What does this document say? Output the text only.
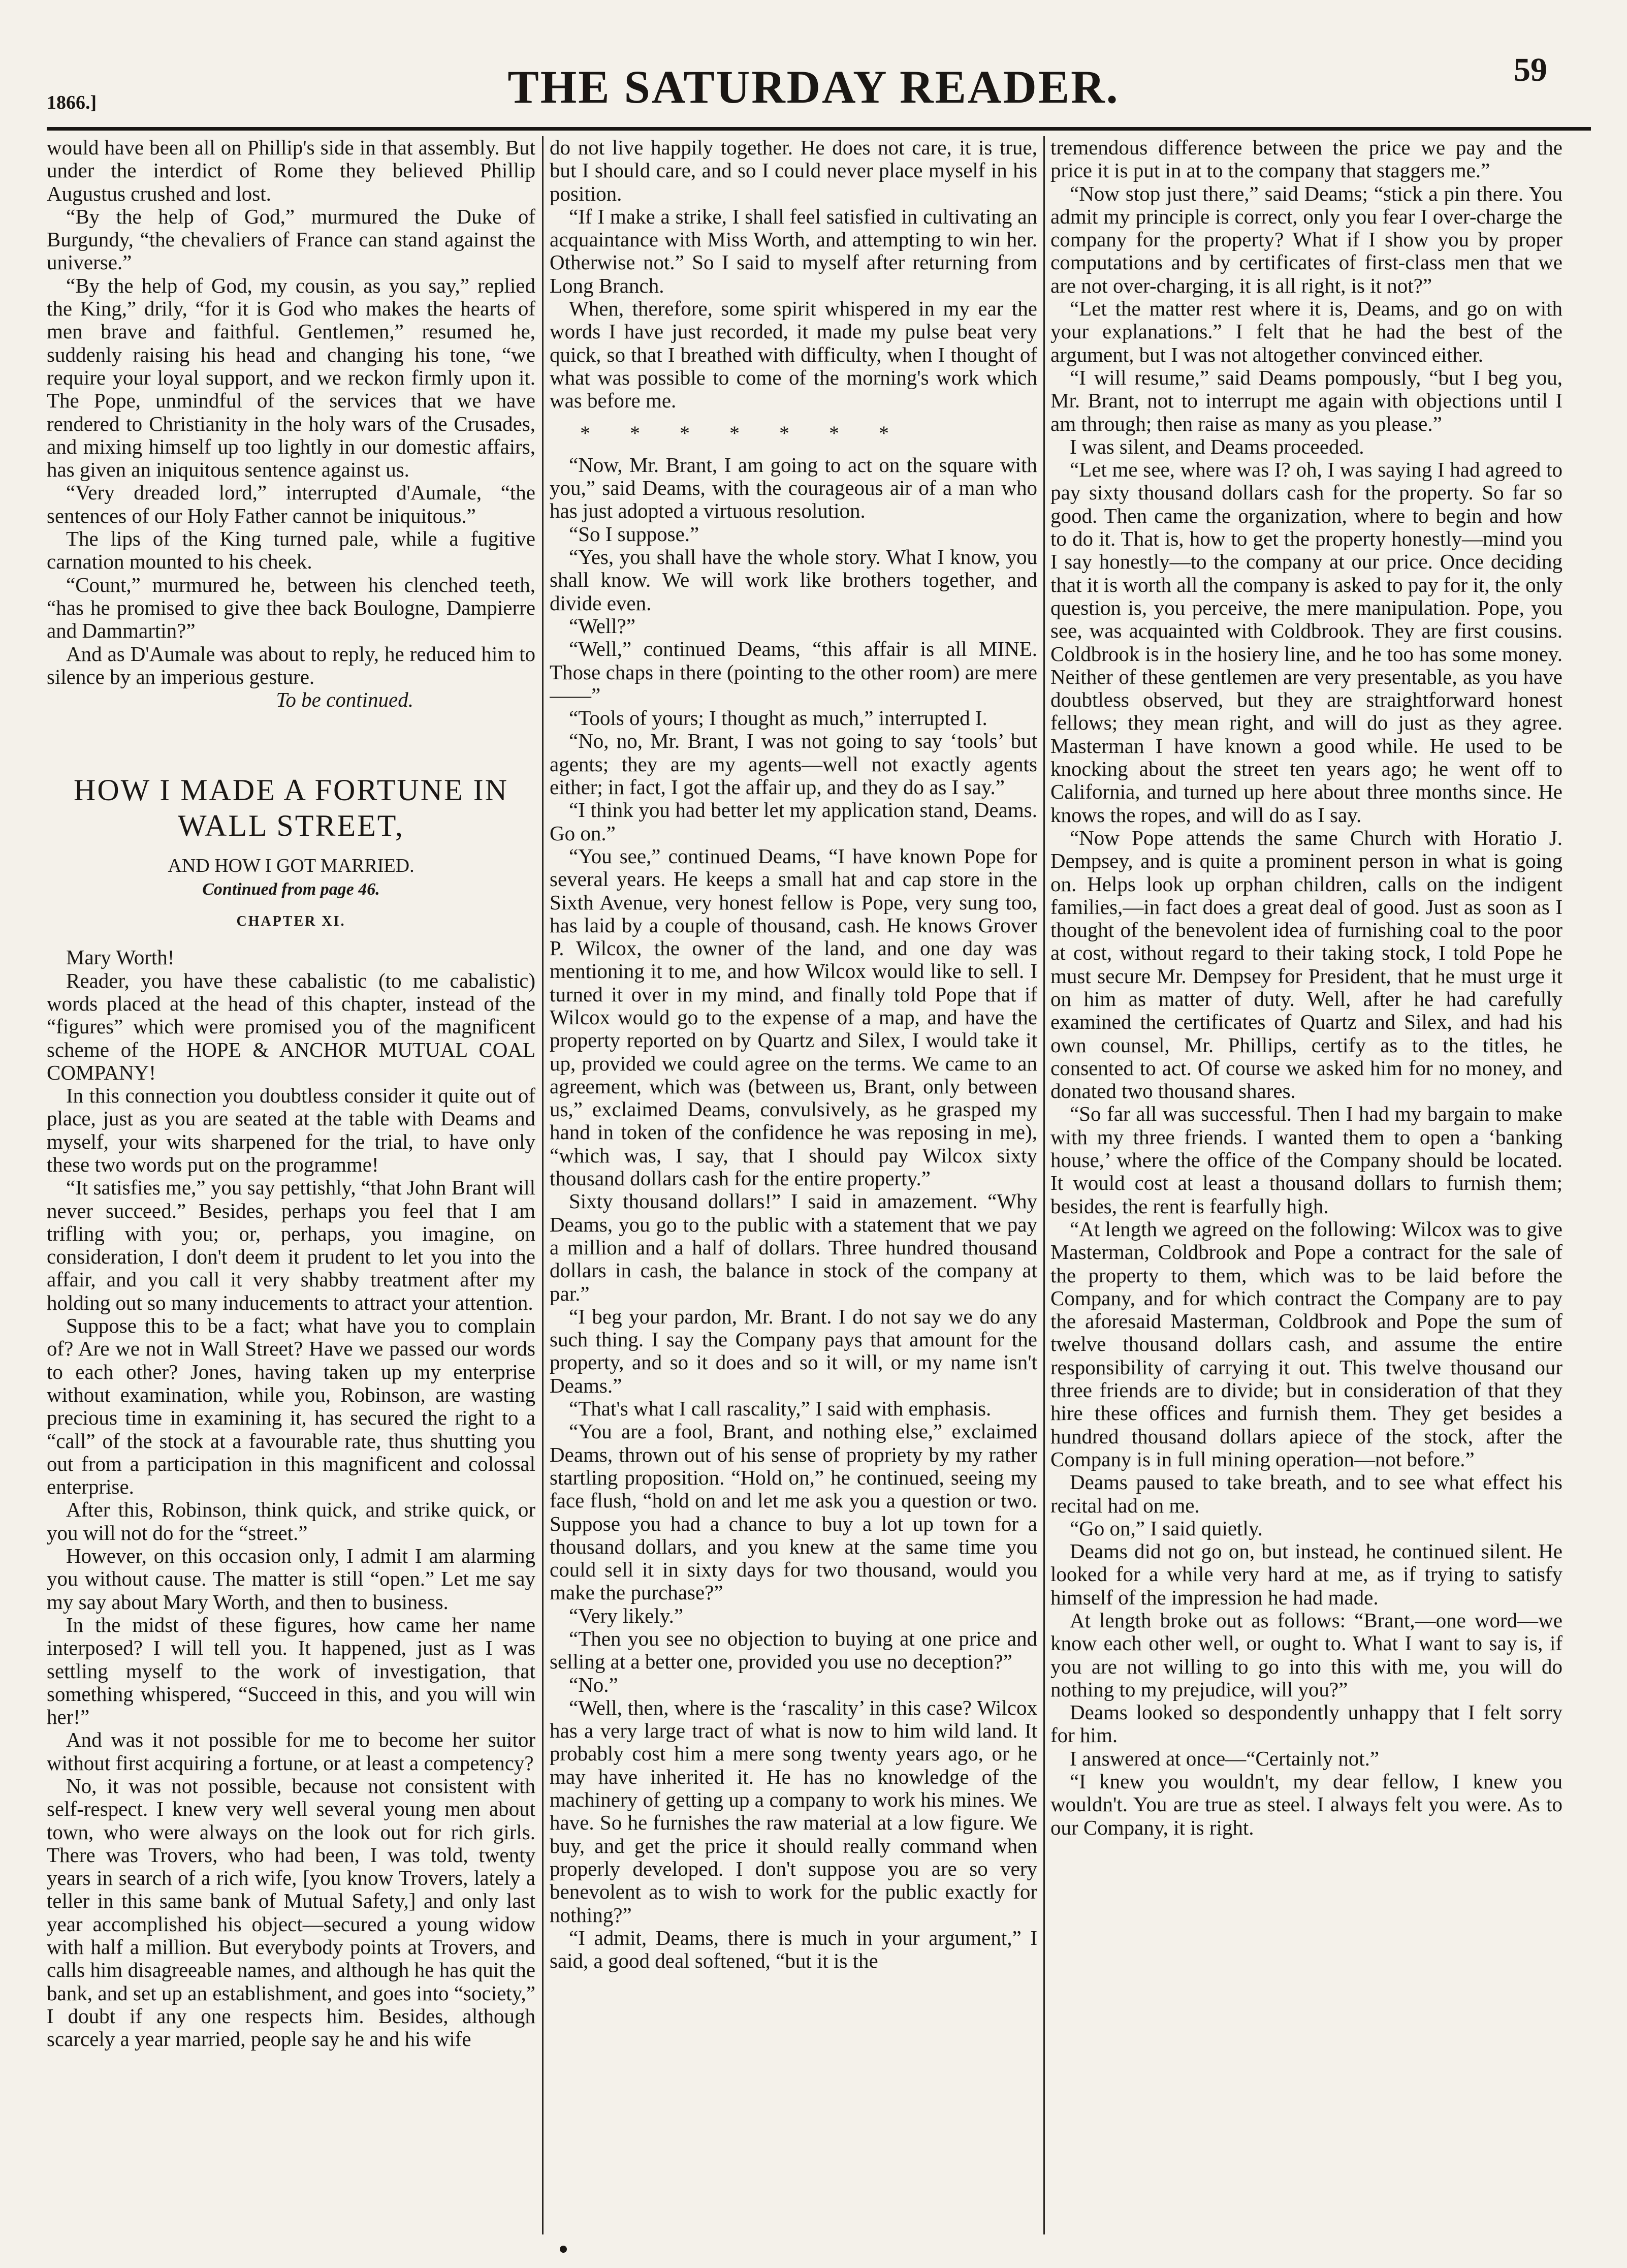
1866.]	THE SATURDAY READER.	59

would have been all on Phillip's side in that assembly. But under the interdict of Rome they believed Phillip Augustus crushed and lost.

“By the help of God,” murmured the Duke of Burgundy, “the chevaliers of France can stand against the universe.”

“By the help of God, my cousin, as you say,” replied the King,” drily, “for it is God who makes the hearts of men brave and faithful. Gentlemen,” resumed he, suddenly raising his head and changing his tone, “we require your loyal support, and we reckon firmly upon it. The Pope, unmindful of the services that we have rendered to Christianity in the holy wars of the Crusades, and mixing himself up too lightly in our domestic affairs, has given an iniquitous sentence against us.

“Very dreaded lord,” interrupted d'Aumale, “the sentences of our Holy Father cannot be iniquitous.”

The lips of the King turned pale, while a fugitive carnation mounted to his cheek.

“Count,” murmured he, between his clenched teeth, “has he promised to give thee back Boulogne, Dampierre and Dammartin?”

And as D'Aumale was about to reply, he reduced him to silence by an imperious gesture.

To be continued.

HOW I MADE A FORTUNE IN WALL STREET,

AND HOW I GOT MARRIED.

Continued from page 46.

CHAPTER XI.

Mary Worth!

Reader, you have these cabalistic (to me cabalistic) words placed at the head of this chapter, instead of the “figures” which were promised you of the magnificent scheme of the HOPE & ANCHOR MUTUAL COAL COMPANY!

In this connection you doubtless consider it quite out of place, just as you are seated at the table with Deams and myself, your wits sharpened for the trial, to have only these two words put on the programme!

“It satisfies me,” you say pettishly, “that John Brant will never succeed.” Besides, perhaps you feel that I am trifling with you; or, perhaps, you imagine, on consideration, I don't deem it prudent to let you into the affair, and you call it very shabby treatment after my holding out so many inducements to attract your attention.

Suppose this to be a fact; what have you to complain of? Are we not in Wall Street? Have we passed our words to each other? Jones, having taken up my enterprise without examination, while you, Robinson, are wasting precious time in examining it, has secured the right to a “call” of the stock at a favourable rate, thus shutting you out from a participation in this magnificent and colossal enterprise.

After this, Robinson, think quick, and strike quick, or you will not do for the “street.”

However, on this occasion only, I admit I am alarming you without cause. The matter is still “open.” Let me say my say about Mary Worth, and then to business.

In the midst of these figures, how came her name interposed? I will tell you. It happened, just as I was settling myself to the work of investigation, that something whispered, “Succeed in this, and you will win her!”

And was it not possible for me to become her suitor without first acquiring a fortune, or at least a competency?

No, it was not possible, because not consistent with self-respect. I knew very well several young men about town, who were always on the look out for rich girls. There was Trovers, who had been, I was told, twenty years in search of a rich wife, [you know Trovers, lately a teller in this same bank of Mutual Safety,] and only last year accomplished his object—secured a young widow with half a million. But everybody points at Trovers, and calls him disagreeable names, and although he has quit the bank, and set up an establishment, and goes into “society,” I doubt if any one respects him. Besides, although scarcely a year married, people say he and his wife

do not live happily together. He does not care, it is true, but I should care, and so I could never place myself in his position.

“If I make a strike, I shall feel satisfied in cultivating an acquaintance with Miss Worth, and attempting to win her. Otherwise not.” So I said to myself after returning from Long Branch.

When, therefore, some spirit whispered in my ear the words I have just recorded, it made my pulse beat very quick, so that I breathed with difficulty, when I thought of what was possible to come of the morning's work which was before me.

* * * * * * *

“Now, Mr. Brant, I am going to act on the square with you,” said Deams, with the courageous air of a man who has just adopted a virtuous resolution.

“So I suppose.”

“Yes, you shall have the whole story. What I know, you shall know. We will work like brothers together, and divide even.

“Well?”

“Well,” continued Deams, “this affair is all MINE. Those chaps in there (pointing to the other room) are mere——”

“Tools of yours; I thought as much,” interrupted I.

“No, no, Mr. Brant, I was not going to say ‘tools’ but agents; they are my agents—well not exactly agents either; in fact, I got the affair up, and they do as I say.”

“I think you had better let my application stand, Deams. Go on.”

“You see,” continued Deams, “I have known Pope for several years. He keeps a small hat and cap store in the Sixth Avenue, very honest fellow is Pope, very sung too, has laid by a couple of thousand, cash. He knows Grover P. Wilcox, the owner of the land, and one day was mentioning it to me, and how Wilcox would like to sell. I turned it over in my mind, and finally told Pope that if Wilcox would go to the expense of a map, and have the property reported on by Quartz and Silex, I would take it up, provided we could agree on the terms. We came to an agreement, which was (between us, Brant, only between us,” exclaimed Deams, convulsively, as he grasped my hand in token of the confidence he was reposing in me), “which was, I say, that I should pay Wilcox sixty thousand dollars cash for the entire property.”

Sixty thousand dollars!” I said in amazement. “Why Deams, you go to the public with a statement that we pay a million and a half of dollars. Three hundred thousand dollars in cash, the balance in stock of the company at par.”

“I beg your pardon, Mr. Brant. I do not say we do any such thing. I say the Company pays that amount for the property, and so it does and so it will, or my name isn't Deams.”

“That's what I call rascality,” I said with emphasis.

“You are a fool, Brant, and nothing else,” exclaimed Deams, thrown out of his sense of propriety by my rather startling proposition. “Hold on,” he continued, seeing my face flush, “hold on and let me ask you a question or two. Suppose you had a chance to buy a lot up town for a thousand dollars, and you knew at the same time you could sell it in sixty days for two thousand, would you make the purchase?”

“Very likely.”

“Then you see no objection to buying at one price and selling at a better one, provided you use no deception?”

“No.”

“Well, then, where is the ‘rascality’ in this case? Wilcox has a very large tract of what is now to him wild land. It probably cost him a mere song twenty years ago, or he may have inherited it. He has no knowledge of the machinery of getting up a company to work his mines. We have. So he furnishes the raw material at a low figure. We buy, and get the price it should really command when properly developed. I don't suppose you are so very benevolent as to wish to work for the public exactly for nothing?”

“I admit, Deams, there is much in your argument,” I said, a good deal softened, “but it is the

tremendous difference between the price we pay and the price it is put in at to the company that staggers me.”

“Now stop just there,” said Deams; “stick a pin there. You admit my principle is correct, only you fear I over-charge the company for the property? What if I show you by proper computations and by certificates of first-class men that we are not over-charging, it is all right, is it not?”

“Let the matter rest where it is, Deams, and go on with your explanations.” I felt that he had the best of the argument, but I was not altogether convinced either.

“I will resume,” said Deams pompously, “but I beg you, Mr. Brant, not to interrupt me again with objections until I am through; then raise as many as you please.”

I was silent, and Deams proceeded.

“Let me see, where was I? oh, I was saying I had agreed to pay sixty thousand dollars cash for the property. So far so good. Then came the organization, where to begin and how to do it. That is, how to get the property honestly—mind you I say honestly—to the company at our price. Once deciding that it is worth all the company is asked to pay for it, the only question is, you perceive, the mere manipulation. Pope, you see, was acquainted with Coldbrook. They are first cousins. Coldbrook is in the hosiery line, and he too has some money. Neither of these gentlemen are very presentable, as you have doubtless observed, but they are straightforward honest fellows; they mean right, and will do just as they agree. Masterman I have known a good while. He used to be knocking about the street ten years ago; he went off to California, and turned up here about three months since. He knows the ropes, and will do as I say.

“Now Pope attends the same Church with Horatio J. Dempsey, and is quite a prominent person in what is going on. Helps look up orphan children, calls on the indigent families,—in fact does a great deal of good. Just as soon as I thought of the benevolent idea of furnishing coal to the poor at cost, without regard to their taking stock, I told Pope he must secure Mr. Dempsey for President, that he must urge it on him as matter of duty. Well, after he had carefully examined the certificates of Quartz and Silex, and had his own counsel, Mr. Phillips, certify as to the titles, he consented to act. Of course we asked him for no money, and donated two thousand shares.

“So far all was successful. Then I had my bargain to make with my three friends. I wanted them to open a ‘banking house,’ where the office of the Company should be located. It would cost at least a thousand dollars to furnish them; besides, the rent is fearfully high.

“At length we agreed on the following: Wilcox was to give Masterman, Coldbrook and Pope a contract for the sale of the property to them, which was to be laid before the Company, and for which contract the Company are to pay the aforesaid Masterman, Coldbrook and Pope the sum of twelve thousand dollars cash, and assume the entire responsibility of carrying it out. This twelve thousand our three friends are to divide; but in consideration of that they hire these offices and furnish them. They get besides a hundred thousand dollars apiece of the stock, after the Company is in full mining operation—not before.”

Deams paused to take breath, and to see what effect his recital had on me.

“Go on,” I said quietly.

Deams did not go on, but instead, he continued silent. He looked for a while very hard at me, as if trying to satisfy himself of the impression he had made.

At length broke out as follows: “Brant,—one word—we know each other well, or ought to. What I want to say is, if you are not willing to go into this with me, you will do nothing to my prejudice, will you?”

Deams looked so despondently unhappy that I felt sorry for him.

I answered at once—“Certainly not.”

“I knew you wouldn't, my dear fellow, I knew you wouldn't. You are true as steel. I always felt you were. As to our Company, it is right.
